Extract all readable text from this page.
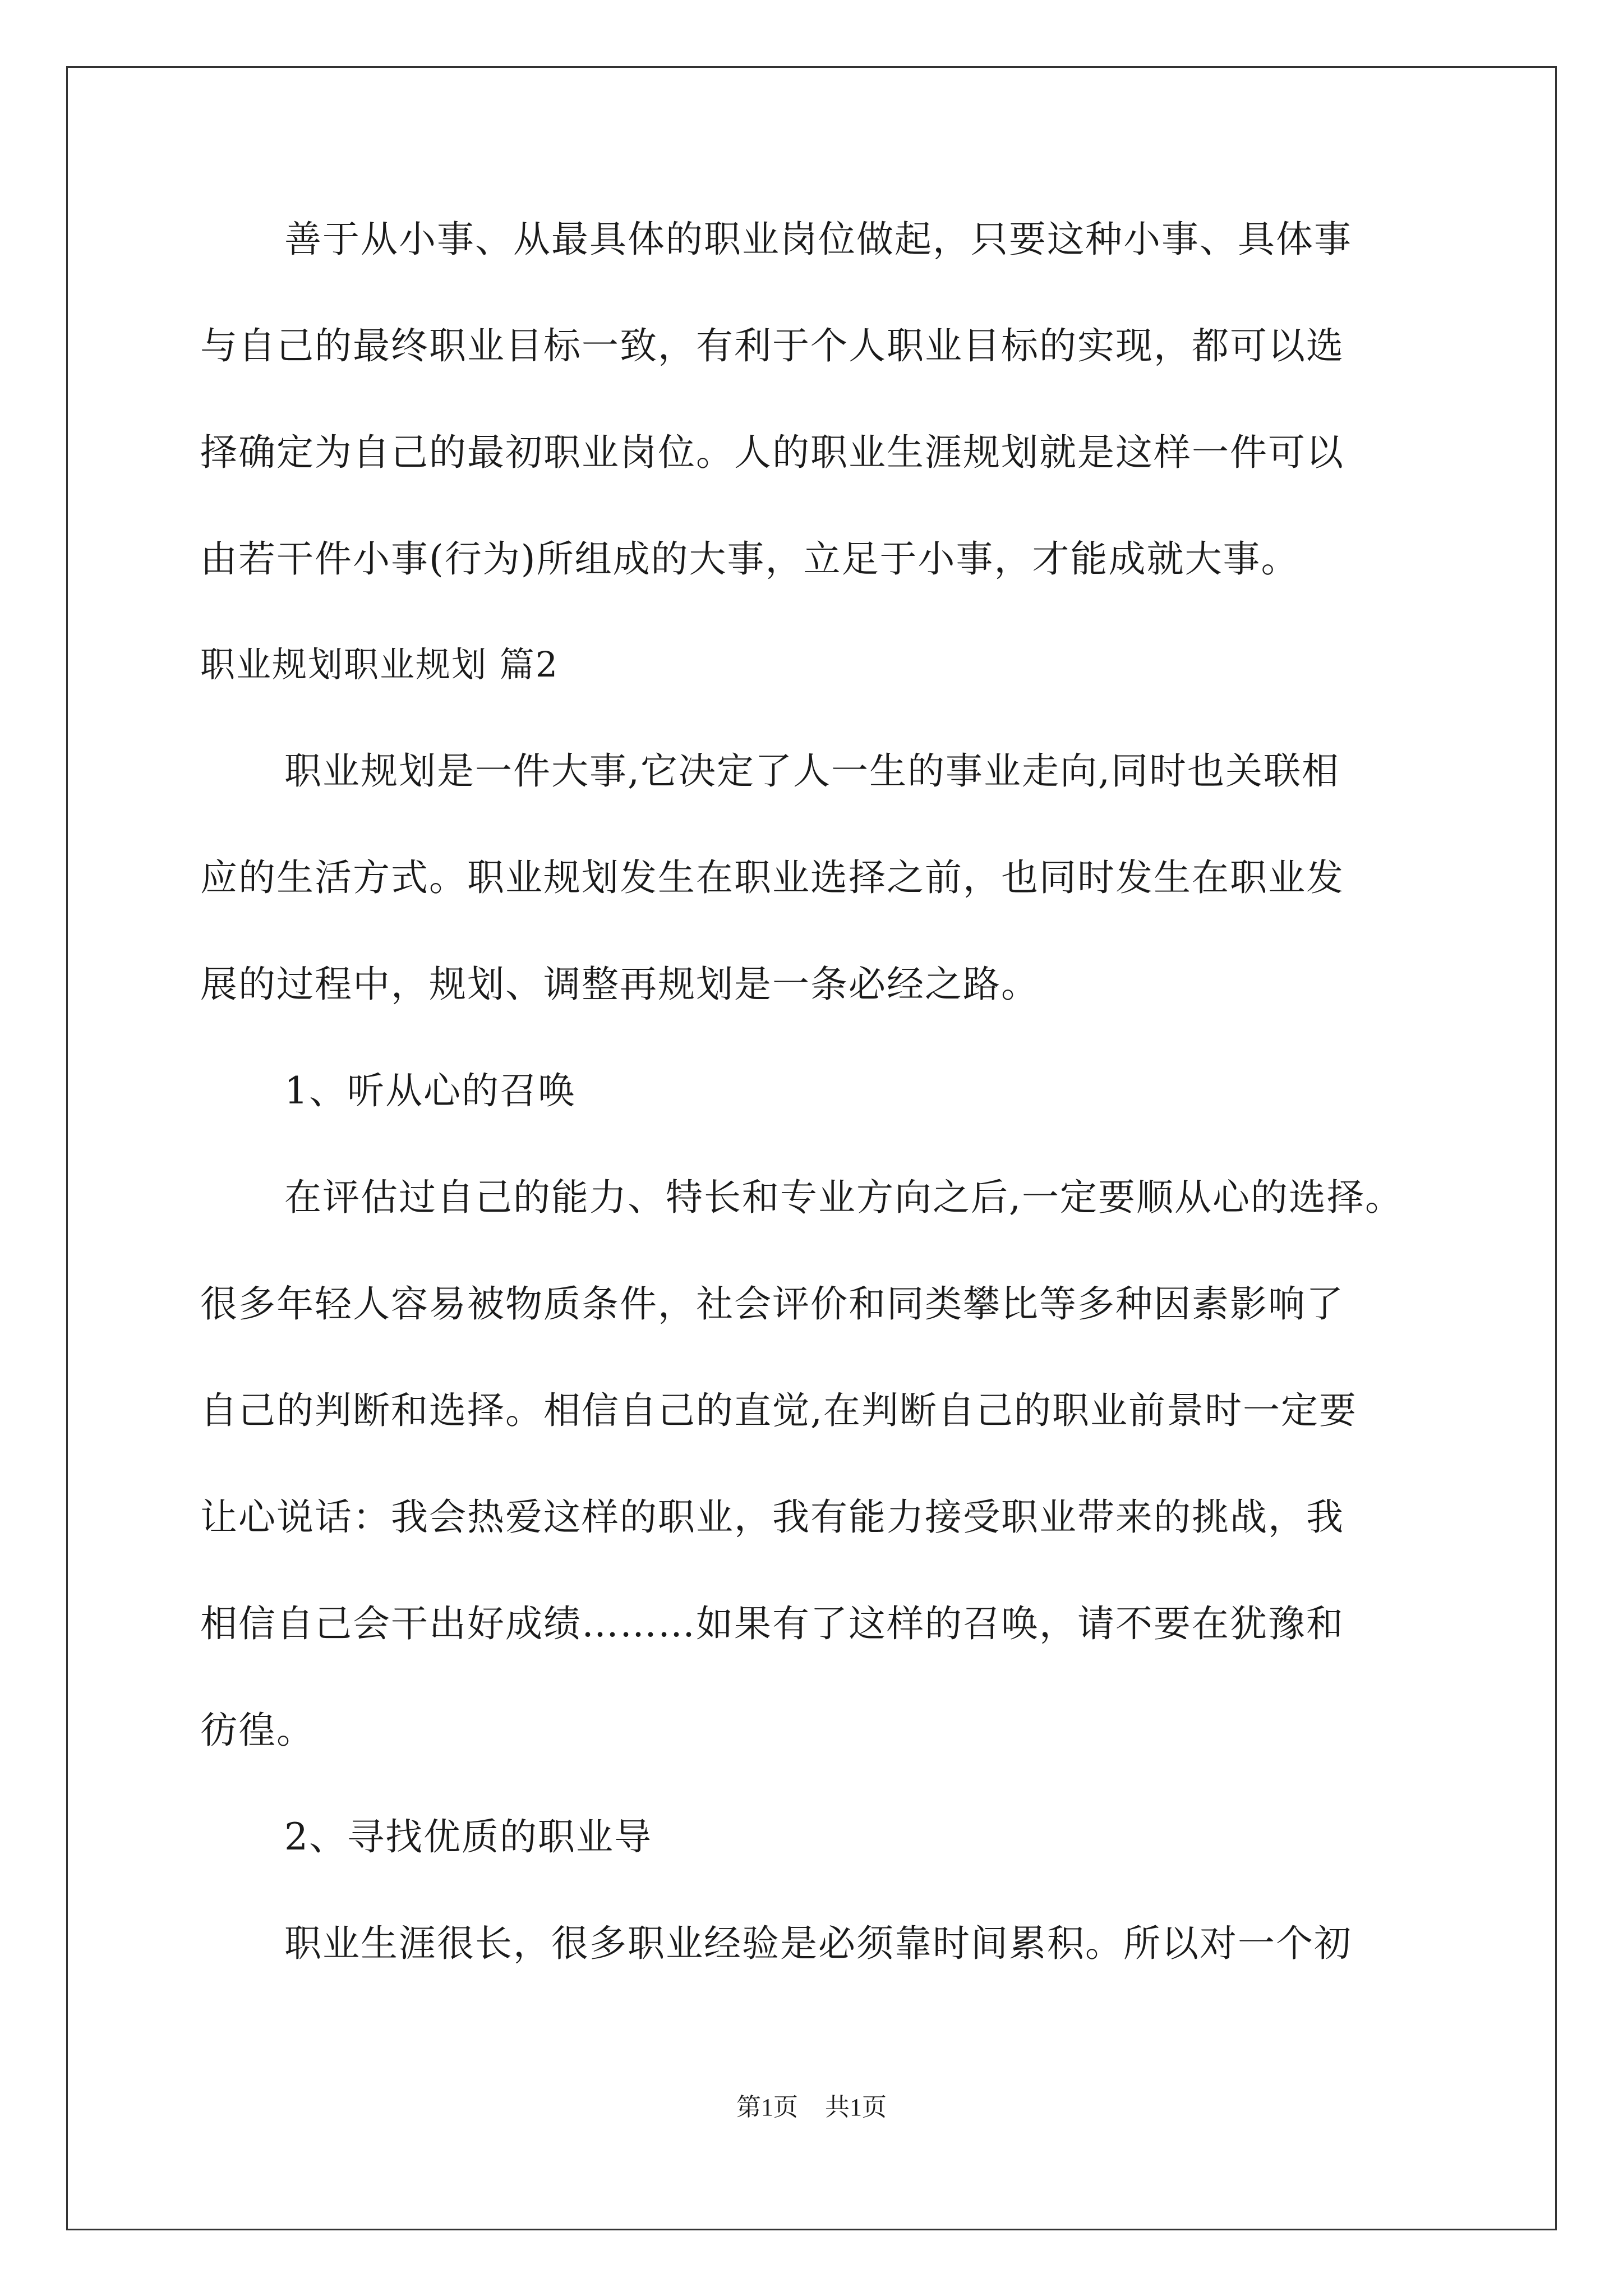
善于从小事、从最具体的职业岗位做起，只要这种小事、具体事
与自己的最终职业目标一致，有利于个人职业目标的实现，都可以选
择确定为自己的最初职业岗位。人的职业生涯规划就是这样一件可以
由若干件小事(行为)所组成的大事，立足于小事，才能成就大事。
职业规划职业规划 篇2
职业规划是一件大事,它决定了人一生的事业走向,同时也关联相
应的生活方式。职业规划发生在职业选择之前，也同时发生在职业发
展的过程中，规划、调整再规划是一条必经之路。
1、听从心的召唤
在评估过自己的能力、特长和专业方向之后,一定要顺从心的选择。
很多年轻人容易被物质条件，社会评价和同类攀比等多种因素影响了
自己的判断和选择。相信自己的直觉,在判断自己的职业前景时一定要
让心说话：我会热爱这样的职业，我有能力接受职业带来的挑战，我
相信自己会干出好成绩………如果有了这样的召唤，请不要在犹豫和
彷徨。
2、寻找优质的职业导
职业生涯很长，很多职业经验是必须靠时间累积。所以对一个初
第1页 共1页
